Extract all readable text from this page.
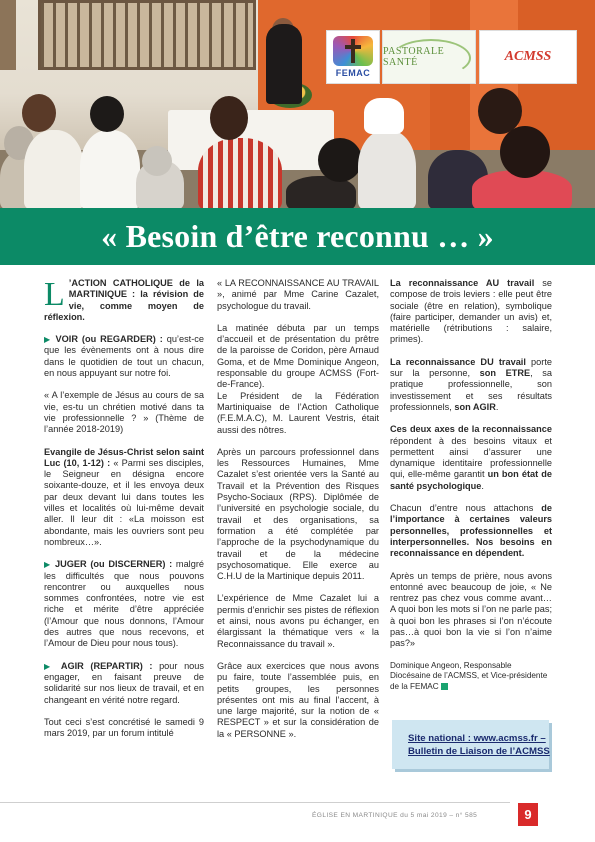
FEMAC
PASTORALE SANTÉ	ACMSS
« Besoin d’être reconnu … »

L ’ACTION CATHOLIQUE de la MARTINIQUE : la révision de vie, comme moyen de réflexion.

▶ VOIR (ou REGARDER) : qu’est-ce que les évènements ont à nous dire dans le quotidien de tout un chacun, en nous appuyant sur notre foi.

« A l’exemple de Jésus au cours de sa vie, es-tu un chrétien motivé dans ta vie professionnelle ? » (Thème de l’année 2018-2019)

Evangile de Jésus-Christ selon saint Luc (10, 1-12) : « Parmi ses disciples, le Seigneur en désigna encore soixante-douze, et il les envoya deux par deux devant lui dans toutes les villes et localités où lui-même devait aller. Il leur dit : «La moisson est abondante, mais les ouvriers sont peu nombreux…».

▶ JUGER (ou DISCERNER) : malgré les difficultés que nous pouvons rencontrer ou auxquelles nous sommes confrontées, notre vie est riche et mérite d’être appréciée (l’Amour que nous donnons, l’Amour des autres que nous recevons, et l’Amour de Dieu pour nous tous).

▶ AGIR (REPARTIR) : pour nous engager, en faisant preuve de solidarité sur nos lieux de travail, et en changeant en vérité notre regard.

Tout ceci s’est concrétisé le samedi 9 mars 2019, par un forum intitulé

« LA RECONNAISSANCE AU TRAVAIL », animé par Mme Carine Cazalet, psychologue du travail.

La matinée débuta par un temps d’accueil et de présentation du prêtre de la paroisse de Coridon, père Arnaud Goma, et de Mme Dominique Angeon, responsable du groupe ACMSS (Fort-de-France).
Le Président de la Fédération Martiniquaise de l’Action Catholique (F.E.M.A.C), M. Laurent Vestris, était aussi des nôtres.

Après un parcours professionnel dans les Ressources Humaines, Mme Cazalet s’est orientée vers la Santé au Travail et la Prévention des Risques Psycho-Sociaux (RPS). Diplômée de l’université en psychologie sociale, du travail et des organisations, sa formation a été complétée par l’approche de la psychodynamique du travail et de la médecine psychosomatique. Elle exerce au C.H.U de la Martinique depuis 2011.

L’expérience de Mme Cazalet lui a permis d’enrichir ses pistes de réflexion et ainsi, nous avons pu échanger, en élargissant la thématique vers « la Reconnaissance du travail ».

Grâce aux exercices que nous avons pu faire, toute l’assemblée puis, en petits groupes, les personnes présentes ont mis au final l’accent, à une large majorité, sur la notion de « RESPECT » et sur la considération de la « PERSONNE ».

La reconnaissance AU travail se compose de trois leviers : elle peut être sociale (être en relation), symbolique (faire participer, demander un avis) et, matérielle (rétributions : salaire, primes).

La reconnaissance DU travail porte sur la personne, son ETRE, sa pratique professionnelle, son investissement et ses résultats professionnels, son AGIR.

Ces deux axes de la reconnaissance répondent à des besoins vitaux et permettent ainsi d’assurer une dynamique identitaire professionnelle qui, elle-même garantit un bon état de santé psychologique.

Chacun d’entre nous attachons de l’importance à certaines valeurs personnelles, professionnelles et interpersonnelles. Nos besoins en reconnaissance en dépendent.

Après un temps de prière, nous avons entonné avec beaucoup de joie, « Ne rentrez pas chez vous comme avant… A quoi bon les mots si l’on ne parle pas; à quoi bon les phrases si l’on n’écoute pas…à quoi bon la vie si l’on n’aime pas?»

Dominique Angeon, Responsable Diocésaine de l’ACMSS, et Vice-présidente de la FEMAC

Site national : www.acmss.fr –
Bulletin de Liaison de l’ACMSS
ÉGLISE EN MARTINIQUE du 5 mai 2019 – n° 585	9
